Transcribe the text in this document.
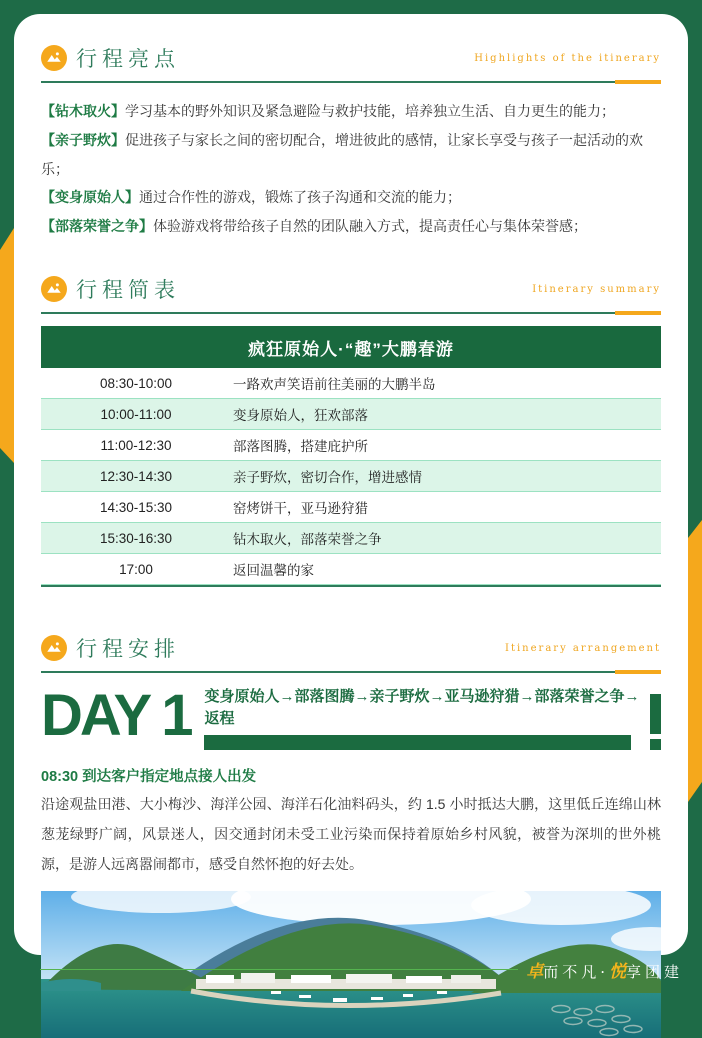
行程亮点	Highlights of the itinerary
【钻木取火】学习基本的野外知识及紧急避险与救护技能，培养独立生活、自力更生的能力；
【亲子野炊】促进孩子与家长之间的密切配合，增进彼此的感情，让家长享受与孩子一起活动的欢乐；
【变身原始人】通过合作性的游戏，锻炼了孩子沟通和交流的能力；
【部落荣誉之争】体验游戏将带给孩子自然的团队融入方式，提高责任心与集体荣誉感；
行程简表	Itinerary summary
疯狂原始人·“趣”大鹏春游
08:30-10:00	一路欢声笑语前往美丽的大鹏半岛
10:00-11:00	变身原始人，狂欢部落
11:00-12:30	部落图腾，搭建庇护所
12:30-14:30	亲子野炊，密切合作，增进感情
14:30-15:30	窑烤饼干，亚马逊狩猎
15:30-16:30	钻木取火，部落荣誉之争
17:00	返回温馨的家
行程安排	Itinerary arrangement
DAY 1 变身原始人→部落图腾→亲子野炊→亚马逊狩猎→部落荣誉之争→返程
08:30 到达客户指定地点接人出发
沿途观盐田港、大小梅沙、海洋公园、海洋石化油料码头，约 1.5 小时抵达大鹏，这里低丘连绵山林葱茏绿野广阔，风景迷人，因交通封闭未受工业污染而保持着原始乡村风貌，被誉为深圳的世外桃源，是游人远离嚣闹都市，感受自然怀抱的好去处。
卓而不凡·悦享团建
